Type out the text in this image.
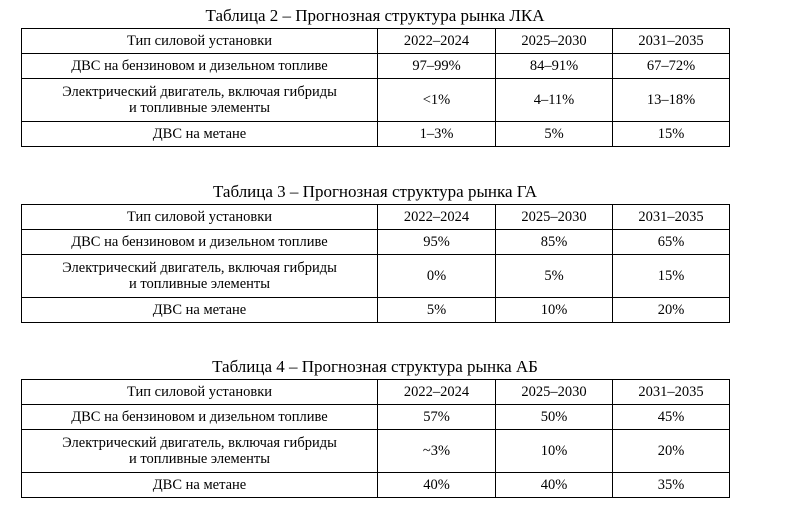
Таблица 2 – Прогнозная структура рынка ЛКА
Тип силовой установки	2022–2024	2025–2030	2031–2035
ДВС на бензиновом и дизельном топливе	97–99%	84–91%	67–72%
Электрический двигатель, включая гибриды
и топливные элементы	<1%	4–11%	13–18%
ДВС на метане	1–3%	5%	15%
Таблица 3 – Прогнозная структура рынка ГА
Тип силовой установки	2022–2024	2025–2030	2031–2035
ДВС на бензиновом и дизельном топливе	95%	85%	65%
Электрический двигатель, включая гибриды
и топливные элементы	0%	5%	15%
ДВС на метане	5%	10%	20%
Таблица 4 – Прогнозная структура рынка АБ
Тип силовой установки	2022–2024	2025–2030	2031–2035
ДВС на бензиновом и дизельном топливе	57%	50%	45%
Электрический двигатель, включая гибриды
и топливные элементы	~3%	10%	20%
ДВС на метане	40%	40%	35%
